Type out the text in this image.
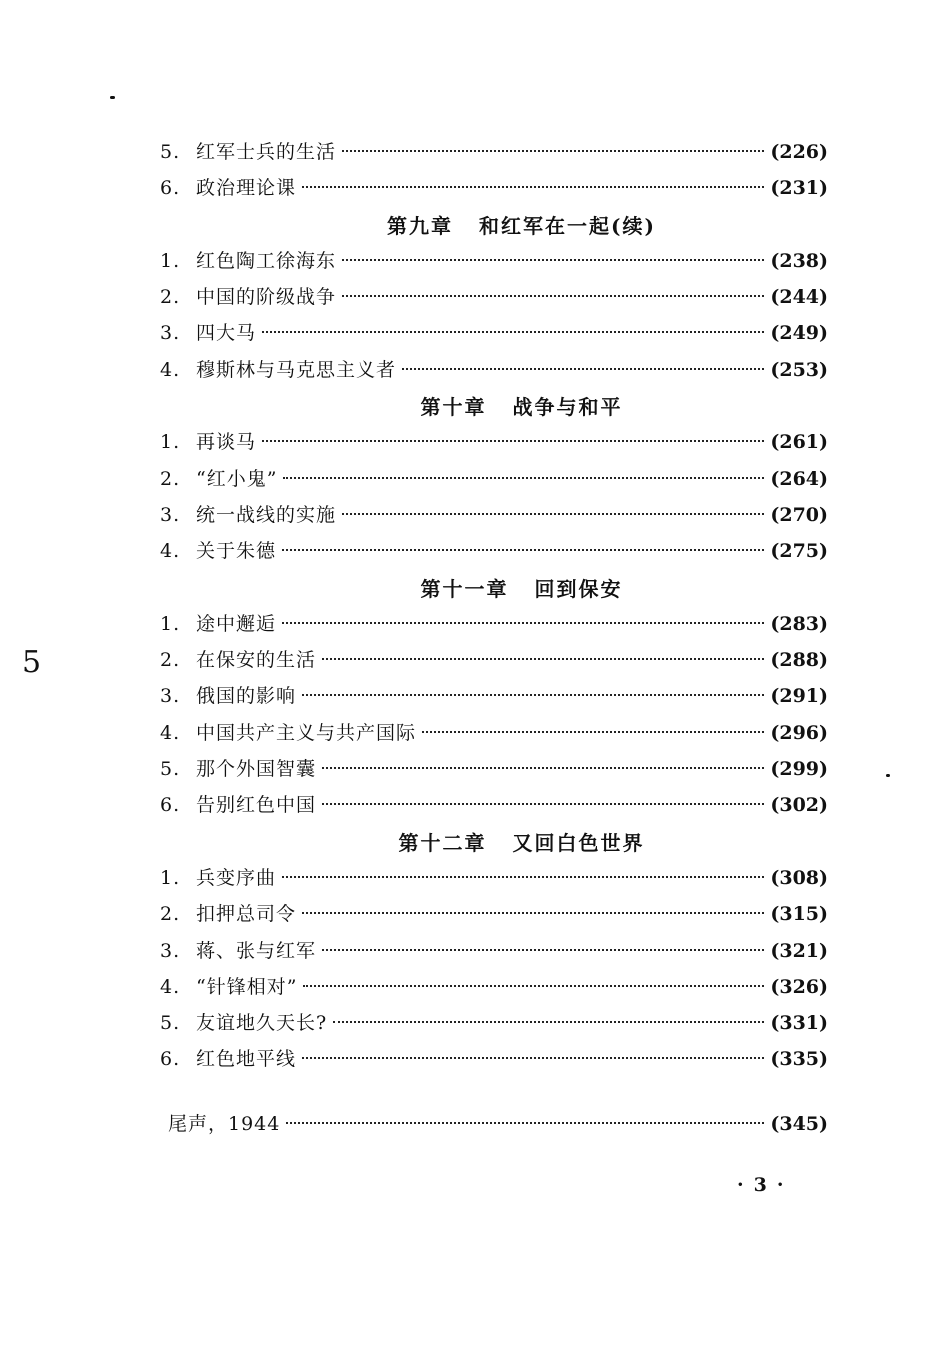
5
5. 红军士兵的生活	(226)
6. 政治理论课	(231)
第九章 和红军在一起(续)
1. 红色陶工徐海东	(238)
2. 中国的阶级战争	(244)
3. 四大马	(249)
4. 穆斯林与马克思主义者	(253)
第十章 战争与和平
1. 再谈马	(261)
2. “红小鬼”	(264)
3. 统一战线的实施	(270)
4. 关于朱德	(275)
第十一章 回到保安
1. 途中邂逅	(283)
2. 在保安的生活	(288)
3. 俄国的影响	(291)
4. 中国共产主义与共产国际	(296)
5. 那个外国智囊	(299)
6. 告别红色中国	(302)
第十二章 又回白色世界
1. 兵变序曲	(308)
2. 扣押总司令	(315)
3. 蒋、张与红军	(321)
4. “针锋相对”	(326)
5. 友谊地久天长?	(331)
6. 红色地平线	(335)
尾声，1944	(345)
·3·
